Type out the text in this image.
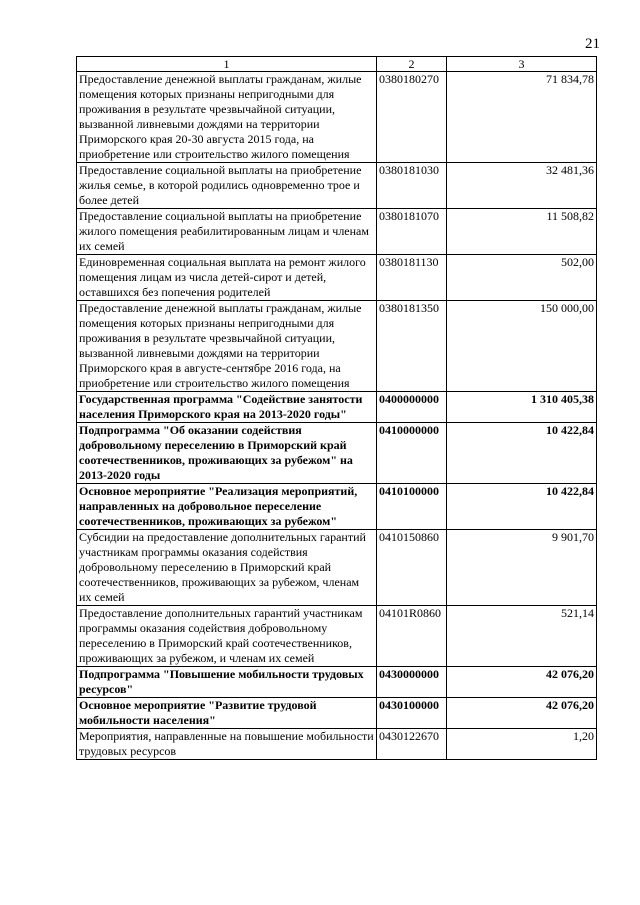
21
1	2	3
Предоставление денежной выплаты гражданам, жилые помещения которых признаны непригодными для проживания в результате чрезвычайной ситуации, вызванной ливневыми дождями на территории Приморского края 20-30 августа 2015 года, на приобретение или строительство жилого помещения	0380180270	71 834,78
Предоставление социальной выплаты на приобретение жилья семье, в которой родились одновременно трое и более детей	0380181030	32 481,36
Предоставление социальной выплаты на приобретение жилого помещения реабилитированным лицам и членам их семей	0380181070	11 508,82
Единовременная социальная выплата на ремонт жилого помещения лицам из числа детей-сирот и детей, оставшихся без попечения родителей	0380181130	502,00
Предоставление денежной выплаты гражданам, жилые помещения которых признаны непригодными для проживания в результате чрезвычайной ситуации, вызванной ливневыми дождями на территории Приморского края в августе-сентябре 2016 года, на приобретение или строительство жилого помещения	0380181350	150 000,00
Государственная программа "Содействие занятости населения Приморского края на 2013-2020 годы"	0400000000	1 310 405,38
Подпрограмма "Об оказании содействия добровольному переселению в Приморский край соотечественников, проживающих за рубежом" на 2013-2020 годы	0410000000	10 422,84
Основное мероприятие "Реализация мероприятий, направленных на добровольное переселение соотечественников, проживающих за рубежом"	0410100000	10 422,84
Субсидии на предоставление дополнительных гарантий участникам программы оказания содействия добровольному переселению в Приморский край соотечественников, проживающих за рубежом, членам их семей	0410150860	9 901,70
Предоставление дополнительных гарантий участникам программы оказания содействия добровольному переселению в Приморский край соотечественников, проживающих за рубежом, и членам их семей	04101R0860	521,14
Подпрограмма "Повышение мобильности трудовых ресурсов"	0430000000	42 076,20
Основное мероприятие "Развитие трудовой мобильности населения"	0430100000	42 076,20
Мероприятия, направленные на повышение мобильности трудовых ресурсов	0430122670	1,20
